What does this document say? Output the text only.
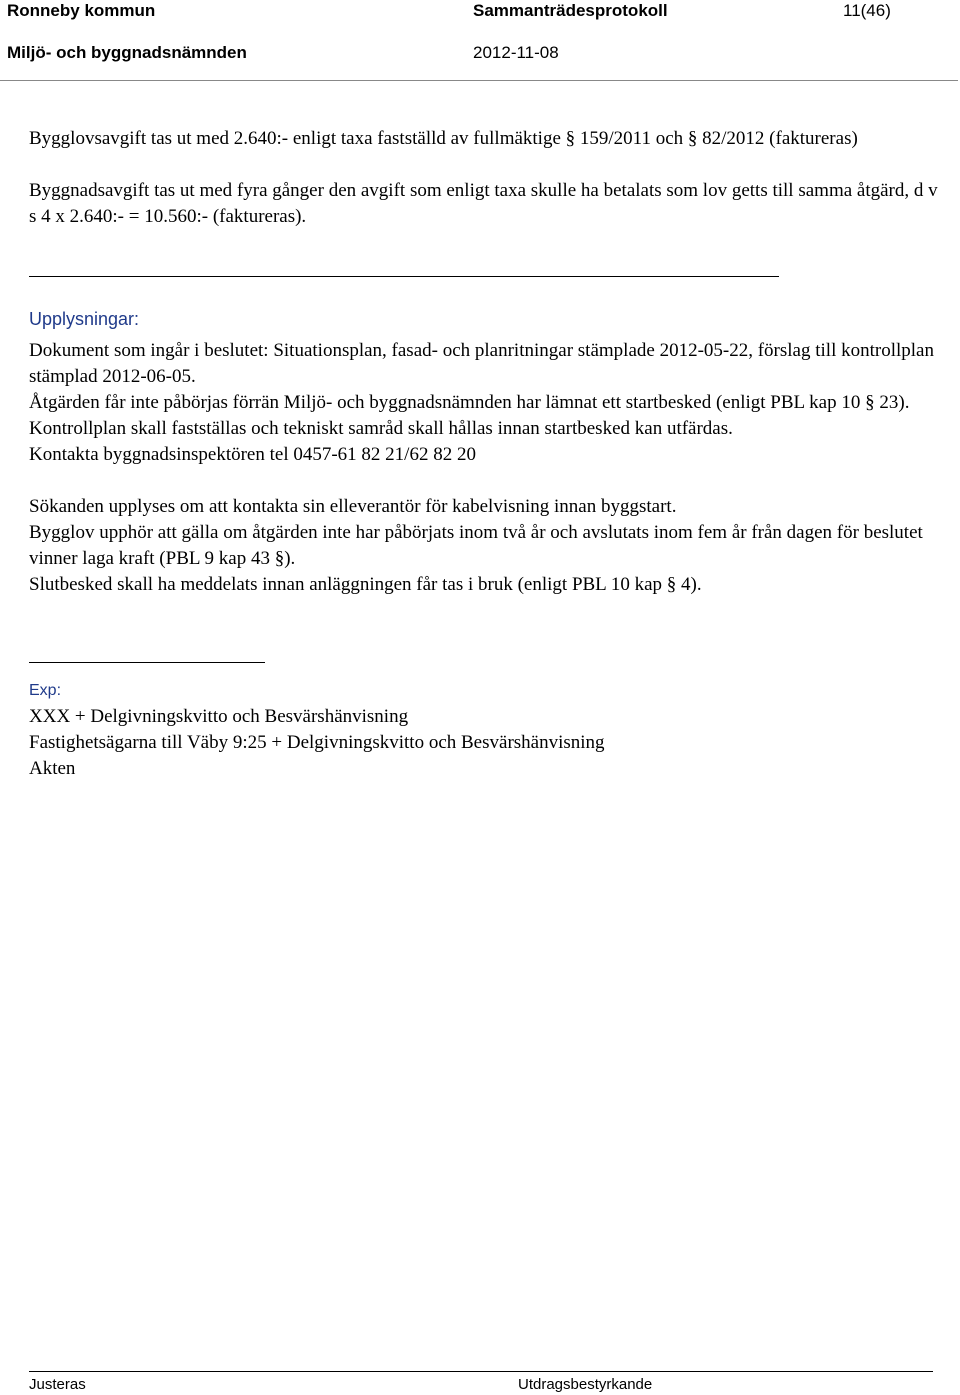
Ronneby kommun	Sammanträdesprotokoll	11(46)
Miljö- och byggnadsnämnden	2012-11-08

Bygglovsavgift tas ut med 2.640:- enligt taxa fastställd av fullmäktige § 159/2011 och § 82/2012 (faktureras)

Byggnadsavgift tas ut med fyra gånger den avgift som enligt taxa skulle ha betalats som lov getts till samma åtgärd, d v s 4 x 2.640:- = 10.560:- (faktureras).

Upplysningar:

Dokument som ingår i beslutet: Situationsplan, fasad- och planritningar stämplade 2012-05-22, förslag till kontrollplan stämplad 2012-06-05.

Åtgärden får inte påbörjas förrän Miljö- och byggnadsnämnden har lämnat ett startbesked (enligt PBL kap 10 § 23).

Kontrollplan skall fastställas och tekniskt samråd skall hållas innan startbesked kan utfärdas.

Kontakta byggnadsinspektören tel 0457-61 82 21/62 82 20

Sökanden upplyses om att kontakta sin elleverantör för kabelvisning innan byggstart.

Bygglov upphör att gälla om åtgärden inte har påbörjats inom två år och avslutats inom fem år från dagen för beslutet vinner laga kraft (PBL 9 kap 43 §).

Slutbesked skall ha meddelats innan anläggningen får tas i bruk (enligt PBL 10 kap § 4).

Exp:

XXX + Delgivningskvitto och Besvärshänvisning

Fastighetsägarna till Väby 9:25 + Delgivningskvitto och Besvärshänvisning

Akten

Justeras	Utdragsbestyrkande
